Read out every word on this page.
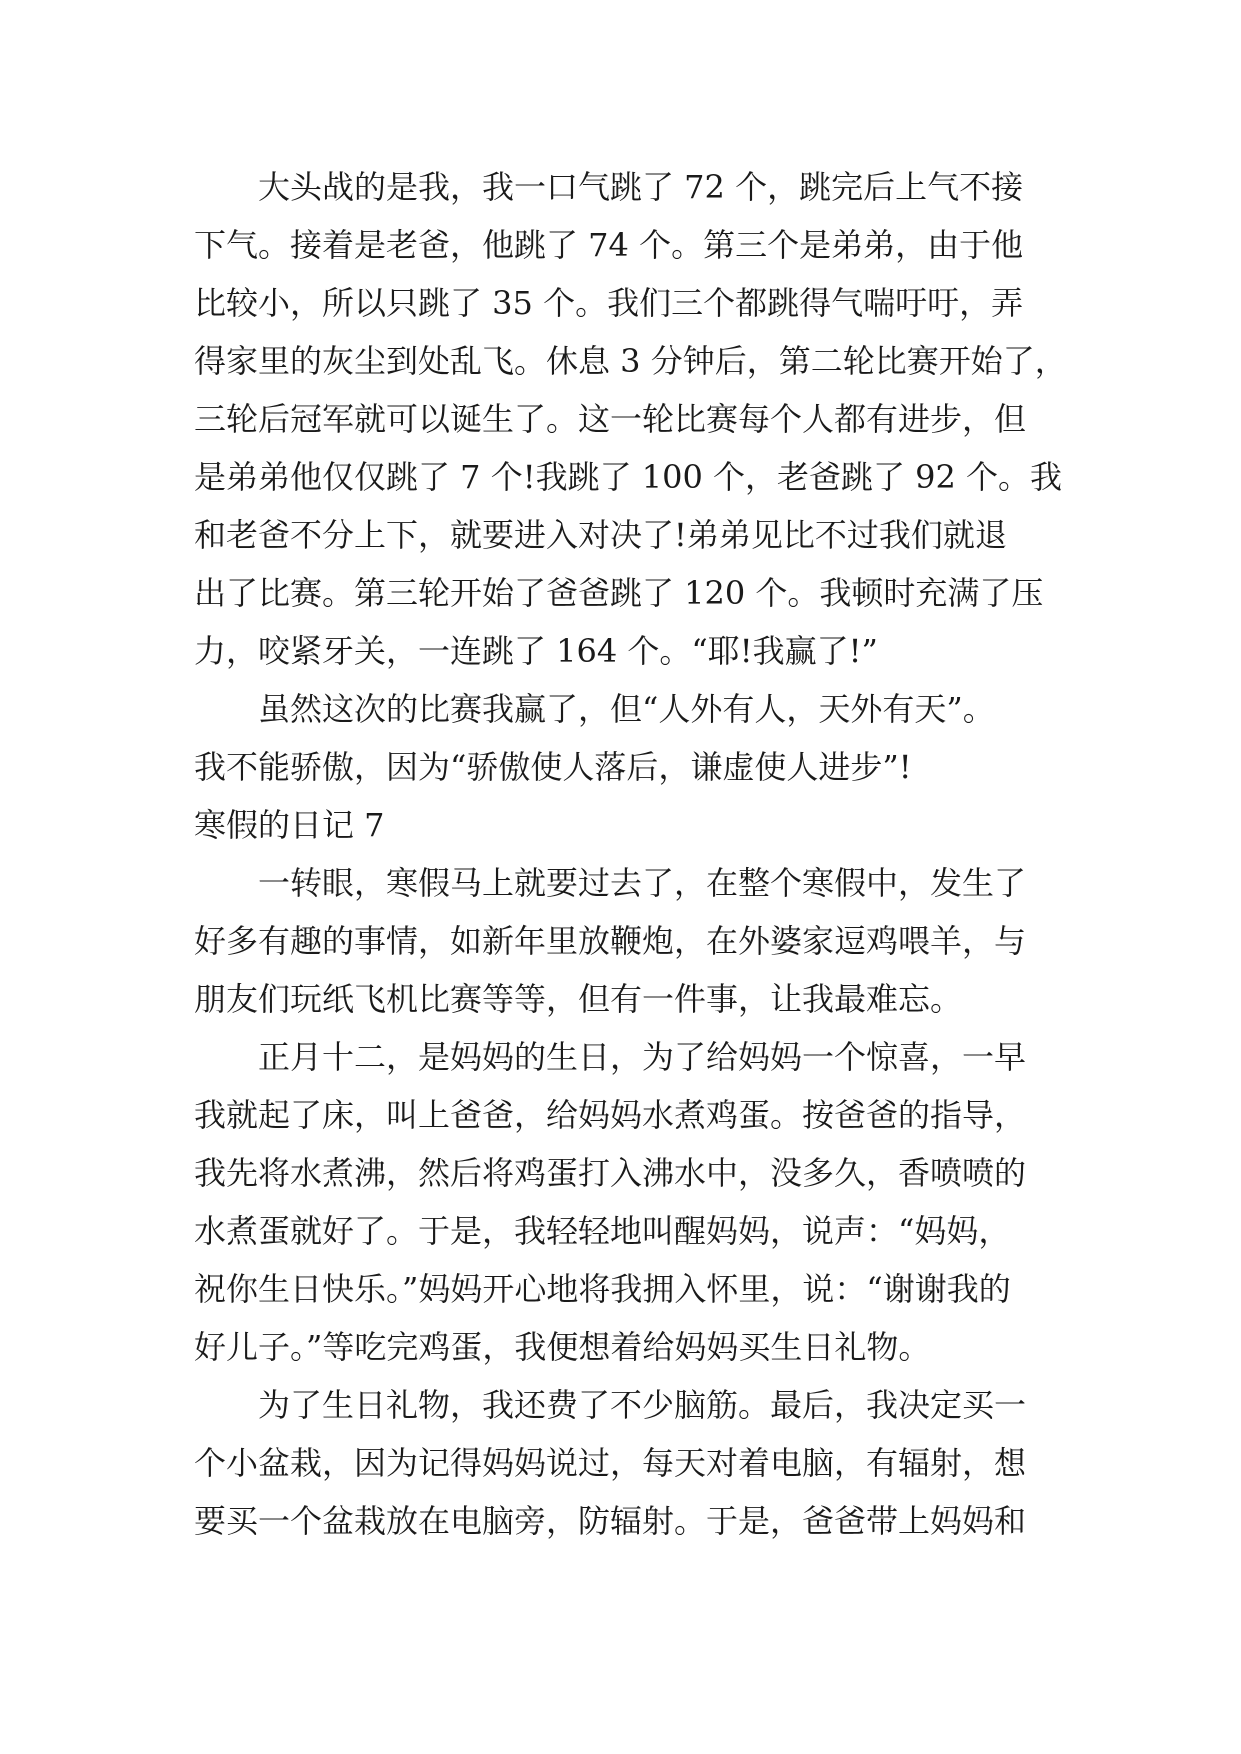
　　大头战的是我，我一口气跳了 72 个，跳完后上气不接
下气。接着是老爸，他跳了 74 个。第三个是弟弟，由于他
比较小，所以只跳了 35 个。我们三个都跳得气喘吁吁，弄
得家里的灰尘到处乱飞。休息 3 分钟后，第二轮比赛开始了，
三轮后冠军就可以诞生了。这一轮比赛每个人都有进步，但
是弟弟他仅仅跳了 7 个!我跳了 100 个，老爸跳了 92 个。我
和老爸不分上下，就要进入对决了!弟弟见比不过我们就退
出了比赛。第三轮开始了爸爸跳了 120 个。我顿时充满了压
力，咬紧牙关，一连跳了 164 个。“耶!我赢了!”
　　虽然这次的比赛我赢了，但“人外有人，天外有天”。
我不能骄傲，因为“骄傲使人落后，谦虚使人进步”!
寒假的日记 7
　　一转眼，寒假马上就要过去了，在整个寒假中，发生了
好多有趣的事情，如新年里放鞭炮，在外婆家逗鸡喂羊，与
朋友们玩纸飞机比赛等等，但有一件事，让我最难忘。
　　正月十二，是妈妈的生日，为了给妈妈一个惊喜，一早
我就起了床，叫上爸爸，给妈妈水煮鸡蛋。按爸爸的指导，
我先将水煮沸，然后将鸡蛋打入沸水中，没多久，香喷喷的
水煮蛋就好了。于是，我轻轻地叫醒妈妈，说声：“妈妈，
祝你生日快乐。”妈妈开心地将我拥入怀里，说：“谢谢我的
好儿子。”等吃完鸡蛋，我便想着给妈妈买生日礼物。
　　为了生日礼物，我还费了不少脑筋。最后，我决定买一
个小盆栽，因为记得妈妈说过，每天对着电脑，有辐射，想
要买一个盆栽放在电脑旁，防辐射。于是，爸爸带上妈妈和
